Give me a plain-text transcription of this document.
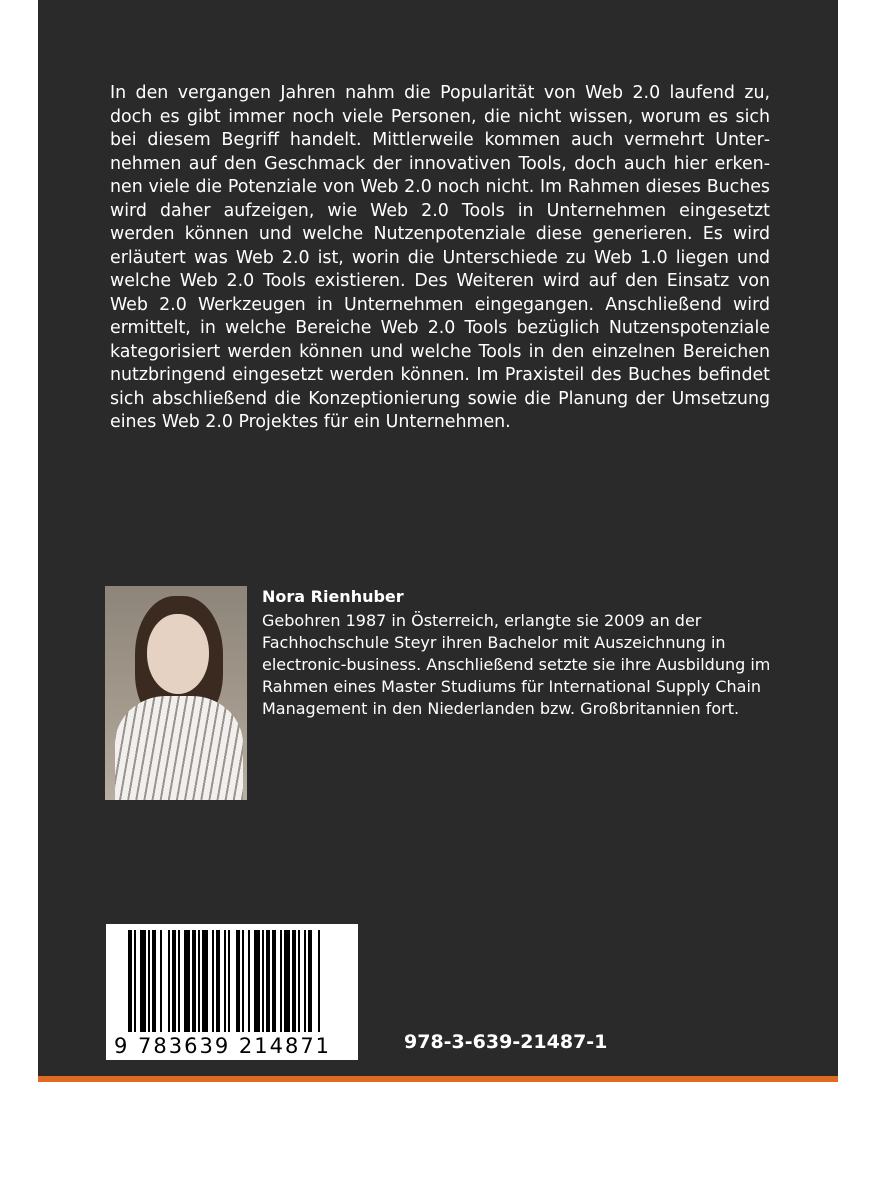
In den vergangen Jahren nahm die Popularität von Web 2.0 laufend zu, doch es gibt immer noch viele Personen, die nicht wissen, worum es sich bei diesem Begriff handelt. Mittlerweile kommen auch vermehrt Unternehmen auf den Geschmack der innovativen Tools, doch auch hier erkennen viele die Potenziale von Web 2.0 noch nicht. Im Rahmen dieses Buches wird daher aufzeigen, wie Web 2.0 Tools in Unternehmen eingesetzt werden können und welche Nutzenpotenziale diese generieren. Es wird erläutert was Web 2.0 ist, worin die Unterschiede zu Web 1.0 liegen und welche Web 2.0 Tools existieren. Des Weiteren wird auf den Einsatz von Web 2.0 Werkzeugen in Unternehmen eingegangen. Anschließend wird ermittelt, in welche Bereiche Web 2.0 Tools bezüglich Nutzenspotenziale kategorisiert werden können und welche Tools in den einzelnen Bereichen nutzbringend eingesetzt werden können. Im Praxisteil des Buches befindet sich abschließend die Konzeptionierung sowie die Planung der Umsetzung eines Web 2.0 Projektes für ein Unternehmen.

Nora Rienhuber

Gebohren 1987 in Österreich, erlangte sie 2009 an der Fachhochschule Steyr ihren Bachelor mit Auszeichnung in electronic-business. Anschließend setzte sie ihre Ausbildung im Rahmen eines Master Studiums für International Supply Chain Management in den Niederlanden bzw. Großbritannien fort.

9 783639 214871	978-3-639-21487-1
